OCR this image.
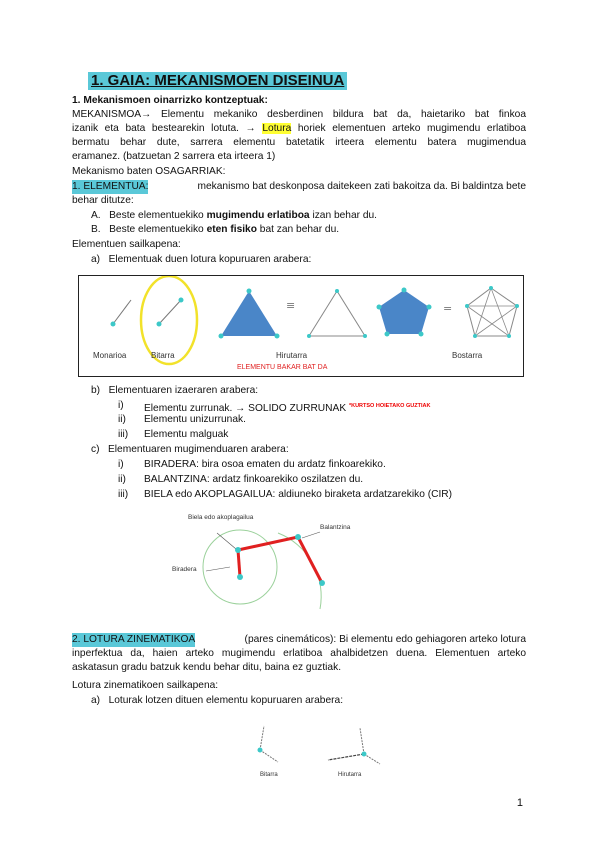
1. GAIA: MEKANISMOEN DISEINUA
1. Mekanismoen oinarrizko kontzeptuak:
MEKANISMOA→ Elementu mekaniko desberdinen bildura bat da, haietariko bat finkoa
izanik eta bata bestearekin lotuta. → Lotura horiek elementuen arteko mugimendu erlatiboa
bermatu behar dute, sarrera elementu batetatik irteera elementu batera mugimendua
eramanez. (batzuetan 2 sarrera eta irteera 1)
Mekanismo baten OSAGARRIAK:
1. ELEMENTUA:	mekanismo bat deskonposa daitekeen zati bakoitza da. Bi baldintza bete
behar ditutze:
A. Beste elementuekiko mugimendu erlatiboa izan behar du.
B. Beste elementuekiko eten fisiko bat zan behar du.
Elementuen sailkapena:
a) Elementuak duen lotura kopuruaren arabera:
≡	=
Monarioa	Bitarra	Hirutarra	Bostarra
ELEMENTU BAKAR BAT DA
b) Elementuaren izaeraren arabera:
i) Elementu zurrunak. → SOLIDO ZURRUNAK $^{*KURTSO HOIETAKO GUZTIAK}$
ii) Elementu unizurrunak.
iii) Elementu malguak
c) Elementuaren mugimenduaren arabera:
i) BIRADERA: bira osoa ematen du ardatz finkoarekiko.
ii) BALANTZINA: ardatz finkoarekiko oszilatzen du.
iii) BIELA edo AKOPLAGAILUA: aldiuneko biraketa ardatzarekiko (CIR)
Biela edo akoplagailua
Balantzina
Biradera
2. LOTURA ZINEMATIKOA	(pares cinemáticos): Bi elementu edo gehiagoren arteko lotura
inperfektua da, haien arteko mugimendu erlatiboa ahalbidetzen duena. Elementuen arteko
askatasun gradu batzuk kendu behar ditu, baina ez guztiak.
Lotura zinematikoen sailkapena:
a) Loturak lotzen dituen elementu kopuruaren arabera:
Bitarra	Hirutarra
1
